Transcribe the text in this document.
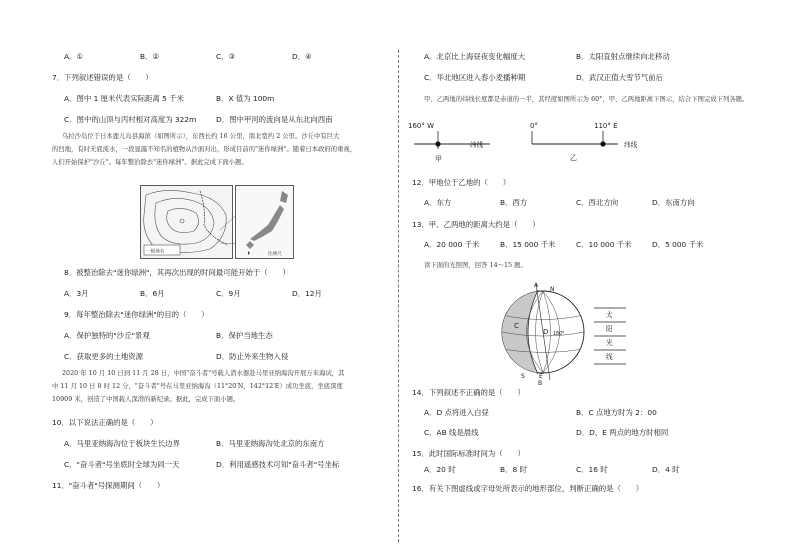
A．①	B．②	C．③	D．④
7．下列叙述错误的是（　　）
A．图中 1 厘米代表实际距离 5 千米	B．X 值为 100m
C．图中的山顶与丙村相对高度为 322m	D．图中甲河的流向是从东北向西南
乌拉沙岛位于日本鹿儿岛县海滨（如图所示），东西长约 16 公里，南北宽约 2 公里。沙丘中有巨大
的凹地，有时无底流水，一段显露不知名的植物从沙面对出，形成目前的"迷你绿洲"。随着日本政府的重视，
人们开始保护"沙丘"。每年整治除去"迷你绿洲"。据此完成下面小题。
一级地名	比例尺
8．被整治除去"迷你绿洲"，其再次出现的时间最可能开始于（　　）
A．3月	B．6月	C．9月	D．12月
9．每年整治除去"迷你绿洲"的目的（　　）
A．保护独特的"沙丘"景观	B．保护当地生态
C．获取更多的土地资源	D．防止外来生物入侵
2020 年 10 月 10 日到 11 月 28 日，中国"奋斗者"号载人潜水器赴马里亚纳海沟开展万米海试，其
中 11 月 10 日 8 时 12 分，"奋斗者"号在马里亚纳海沟（11°20′N，142°12′E）成功坐底，坐底深度
10909 米，创造了中国载人深潜的新纪录。据此，完成下面小题。
10．以下说法正确的是（　　）
A．马里亚纳海沟位于板块生长边界	B．马里亚纳海沟处北京的东南方
C．"奋斗者"号坐底时全球为同一天	D．利用遥感技术可知"奋斗者"号坐标
11．"奋斗者"号探测期间（　　）
A．北京比上海昼夜变化幅度大	B．太阳直射点继续向北移动
C．华北地区进入春小麦播种期	D．武汉正值大雪节气前后
甲、乙两地的纬线长度都是赤道的一半，其经度如图所示为 60°，甲、乙两地距离下图示，结合下图完成下列各题。
160° W
甲
纬线
0°	110° E
乙
纬线
12．甲地位于乙地的（　　）
A．东方	B．西方	C．西北方向	D．东南方向
13．甲、乙两地的距离大约是（　　）
A．20 000 千米	B．15 000 千米	C．10 000 千米	D．5 000 千米
读下面的光照图，回答 14～15 题。
A
N
C
D 180°
S E
B
太
阳
光
线
14．下列叙述不正确的是（　　）
A．D 点将进入白昼	B．C 点地方时为 2：00
C．AB 线是晨线	D．D、E 两点的地方时相同
15．此时国际标准时间为（　　）
A．20 时	B．8 时	C．16 时	D．4 时
16．有关下图虚线或字母处所表示的地形部位，判断正确的是（　　）
